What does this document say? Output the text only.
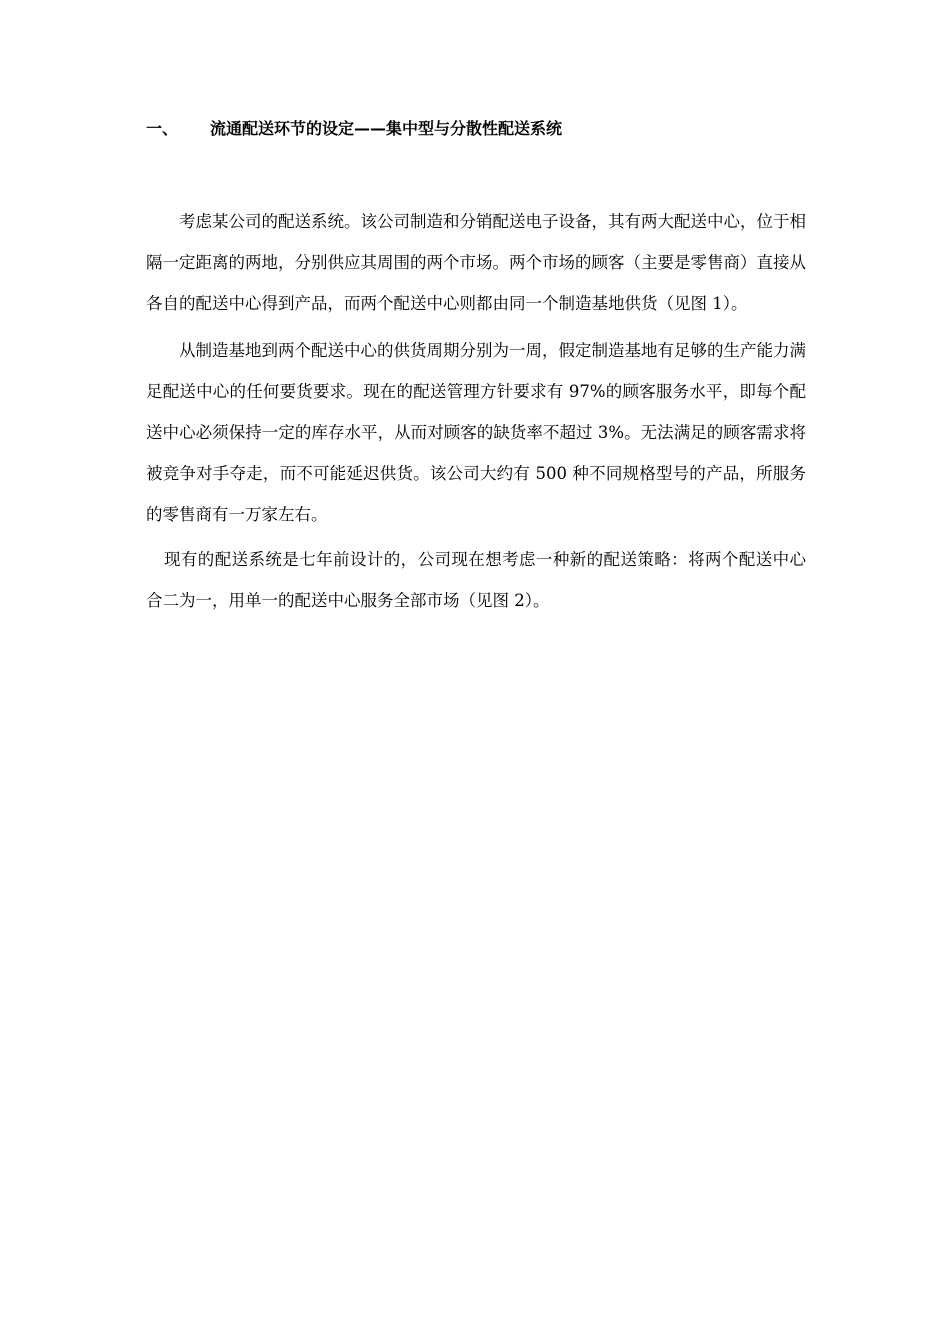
一、 流通配送环节的设定——集中型与分散性配送系统

考虑某公司的配送系统。该公司制造和分销配送电子设备，其有两大配送中心，位于相隔一定距离的两地，分别供应其周围的两个市场。两个市场的顾客（主要是零售商）直接从各自的配送中心得到产品，而两个配送中心则都由同一个制造基地供货（见图 1）。

从制造基地到两个配送中心的供货周期分别为一周，假定制造基地有足够的生产能力满足配送中心的任何要货要求。现在的配送管理方针要求有 97%的顾客服务水平，即每个配送中心必须保持一定的库存水平，从而对顾客的缺货率不超过 3%。无法满足的顾客需求将被竞争对手夺走，而不可能延迟供货。该公司大约有 500 种不同规格型号的产品，所服务的零售商有一万家左右。

现有的配送系统是七年前设计的，公司现在想考虑一种新的配送策略：将两个配送中心合二为一，用单一的配送中心服务全部市场（见图 2）。
